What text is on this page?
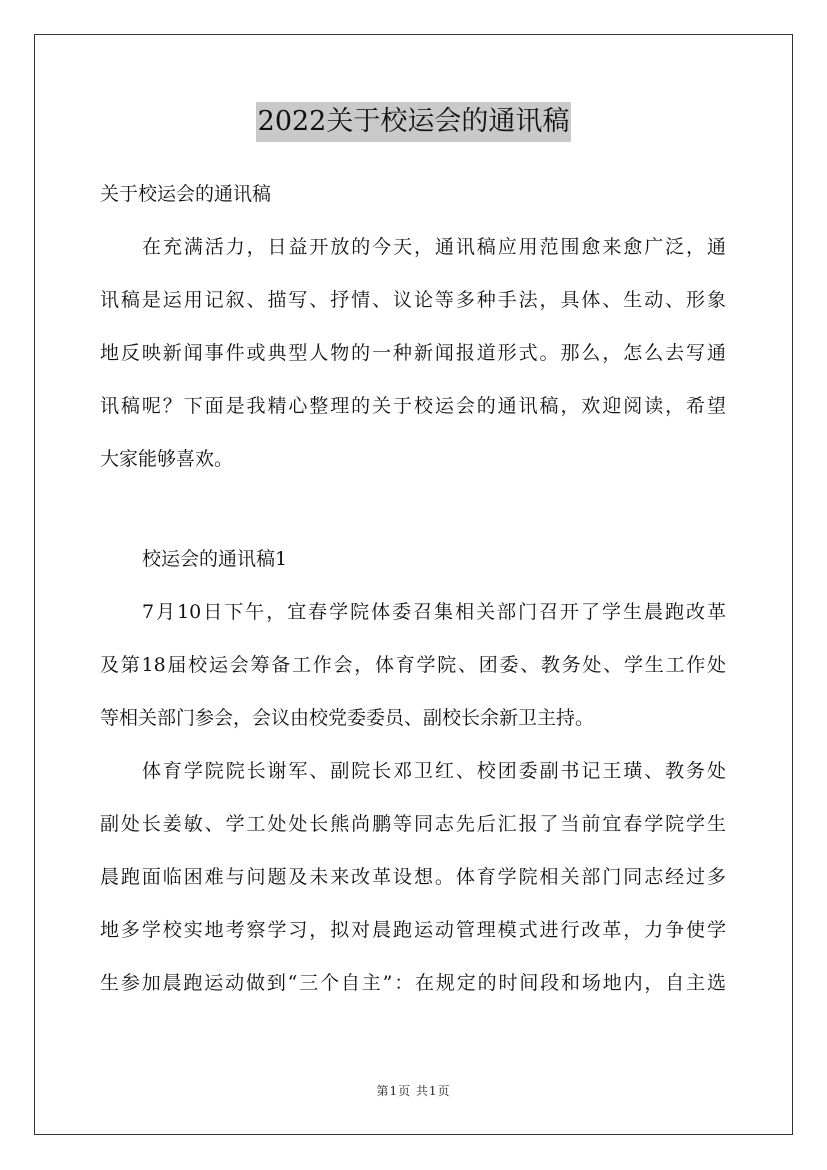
2022关于校运会的通讯稿

关于校运会的通讯稿

在充满活力，日益开放的今天，通讯稿应用范围愈来愈广泛，通

讯稿是运用记叙、描写、抒情、议论等多种手法，具体、生动、形象

地反映新闻事件或典型人物的一种新闻报道形式。那么，怎么去写通

讯稿呢？下面是我精心整理的关于校运会的通讯稿，欢迎阅读，希望

大家能够喜欢。

校运会的通讯稿1

7月10日下午，宜春学院体委召集相关部门召开了学生晨跑改革

及第18届校运会筹备工作会，体育学院、团委、教务处、学生工作处

等相关部门参会，会议由校党委委员、副校长余新卫主持。

体育学院院长谢军、副院长邓卫红、校团委副书记王璜、教务处

副处长姜敏、学工处处长熊尚鹏等同志先后汇报了当前宜春学院学生

晨跑面临困难与问题及未来改革设想。体育学院相关部门同志经过多

地多学校实地考察学习，拟对晨跑运动管理模式进行改革，力争使学

生参加晨跑运动做到“三个自主”：在规定的时间段和场地内，自主选

第1页 共1页
